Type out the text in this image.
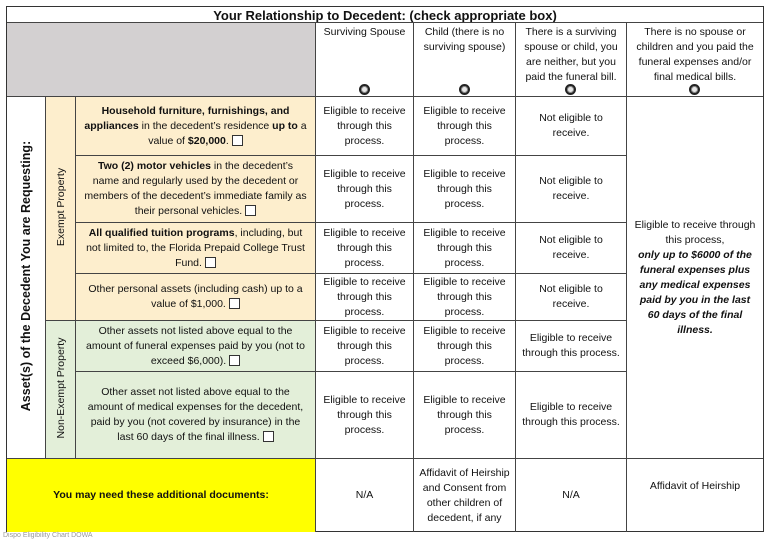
Your Relationship to Decedent: (check appropriate box)
Surviving Spouse	Child (there is no surviving spouse)
There is a surviving spouse or child, you are neither, but you paid the funeral bill.
There is no spouse or children and you paid the funeral expenses and/or final medical bills.
Asset(s) of the Decedent You are Requesting: Exempt Property
Non-Exempt Property
Household furniture, furnishings, and appliances in the decedent’s residence up to a value of $20,000.
Two (2) motor vehicles in the decedent’s name and regularly used by the decedent or members of the decedent’s immediate family as their personal vehicles.
All qualified tuition programs, including, but not limited to, the Florida Prepaid College Trust Fund.
Other personal assets (including cash) up to a value of $1,000.
Other assets not listed above equal to the amount of funeral expenses paid by you (not to exceed $6,000).
Other asset not listed above equal to the amount of medical expenses for the decedent, paid by you (not covered by insurance) in the last 60 days of the final illness.
Eligible to receive through this process.
Eligible to receive through this process.
Not eligible to receive.
Eligible to receive through this process.
Eligible to receive through this process.
Not eligible to receive.
Eligible to receive through this process.
Eligible to receive through this process.
Not eligible to receive.
Eligible to receive through this process.
Eligible to receive through this process.
Not eligible to receive.
Eligible to receive through this process.
Eligible to receive through this process.
Eligible to receive through this process.
Eligible to receive through this process.
Eligible to receive through this process.
Eligible to receive through this process.
Eligible to receive through this process,
only up to $6000 of the funeral expenses plus any medical expenses paid by you in the last 60 days of the final illness.
You may need these additional documents:	N/A
Affidavit of Heirship and Consent from other children of decedent, if any
N/A
Affidavit of Heirship
Dispo Eligibility Chart DOWA
